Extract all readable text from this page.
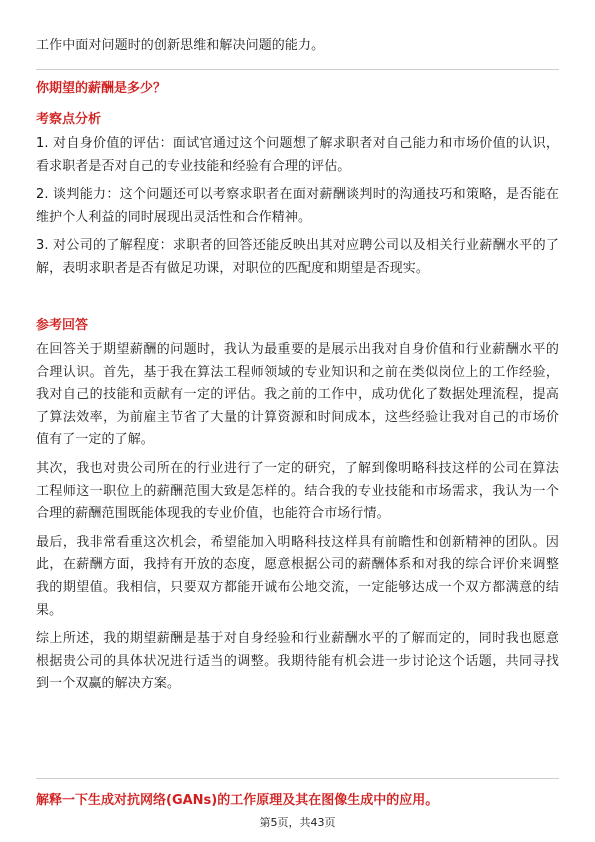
工作中面对问题时的创新思维和解决问题的能力。
你期望的薪酬是多少？
考察点分析

1. 对自身价值的评估：面试官通过这个问题想了解求职者对自己能力和市场价值的认识，看求职者是否对自己的专业技能和经验有合理的评估。

2. 谈判能力：这个问题还可以考察求职者在面对薪酬谈判时的沟通技巧和策略，是否能在维护个人利益的同时展现出灵活性和合作精神。

3. 对公司的了解程度：求职者的回答还能反映出其对应聘公司以及相关行业薪酬水平的了解，表明求职者是否有做足功课，对职位的匹配度和期望是否现实。

参考回答

在回答关于期望薪酬的问题时，我认为最重要的是展示出我对自身价值和行业薪酬水平的合理认识。首先，基于我在算法工程师领域的专业知识和之前在类似岗位上的工作经验，我对自己的技能和贡献有一定的评估。我之前的工作中，成功优化了数据处理流程，提高了算法效率，为前雇主节省了大量的计算资源和时间成本，这些经验让我对自己的市场价值有了一定的了解。

其次，我也对贵公司所在的行业进行了一定的研究，了解到像明略科技这样的公司在算法工程师这一职位上的薪酬范围大致是怎样的。结合我的专业技能和市场需求，我认为一个合理的薪酬范围既能体现我的专业价值，也能符合市场行情。

最后，我非常看重这次机会，希望能加入明略科技这样具有前瞻性和创新精神的团队。因此，在薪酬方面，我持有开放的态度，愿意根据公司的薪酬体系和对我的综合评价来调整我的期望值。我相信，只要双方都能开诚布公地交流，一定能够达成一个双方都满意的结果。

综上所述，我的期望薪酬是基于对自身经验和行业薪酬水平的了解而定的，同时我也愿意根据贵公司的具体状况进行适当的调整。我期待能有机会进一步讨论这个话题，共同寻找到一个双赢的解决方案。

解释一下生成对抗网络(GANs)的工作原理及其在图像生成中的应用。
第5页，共43页
